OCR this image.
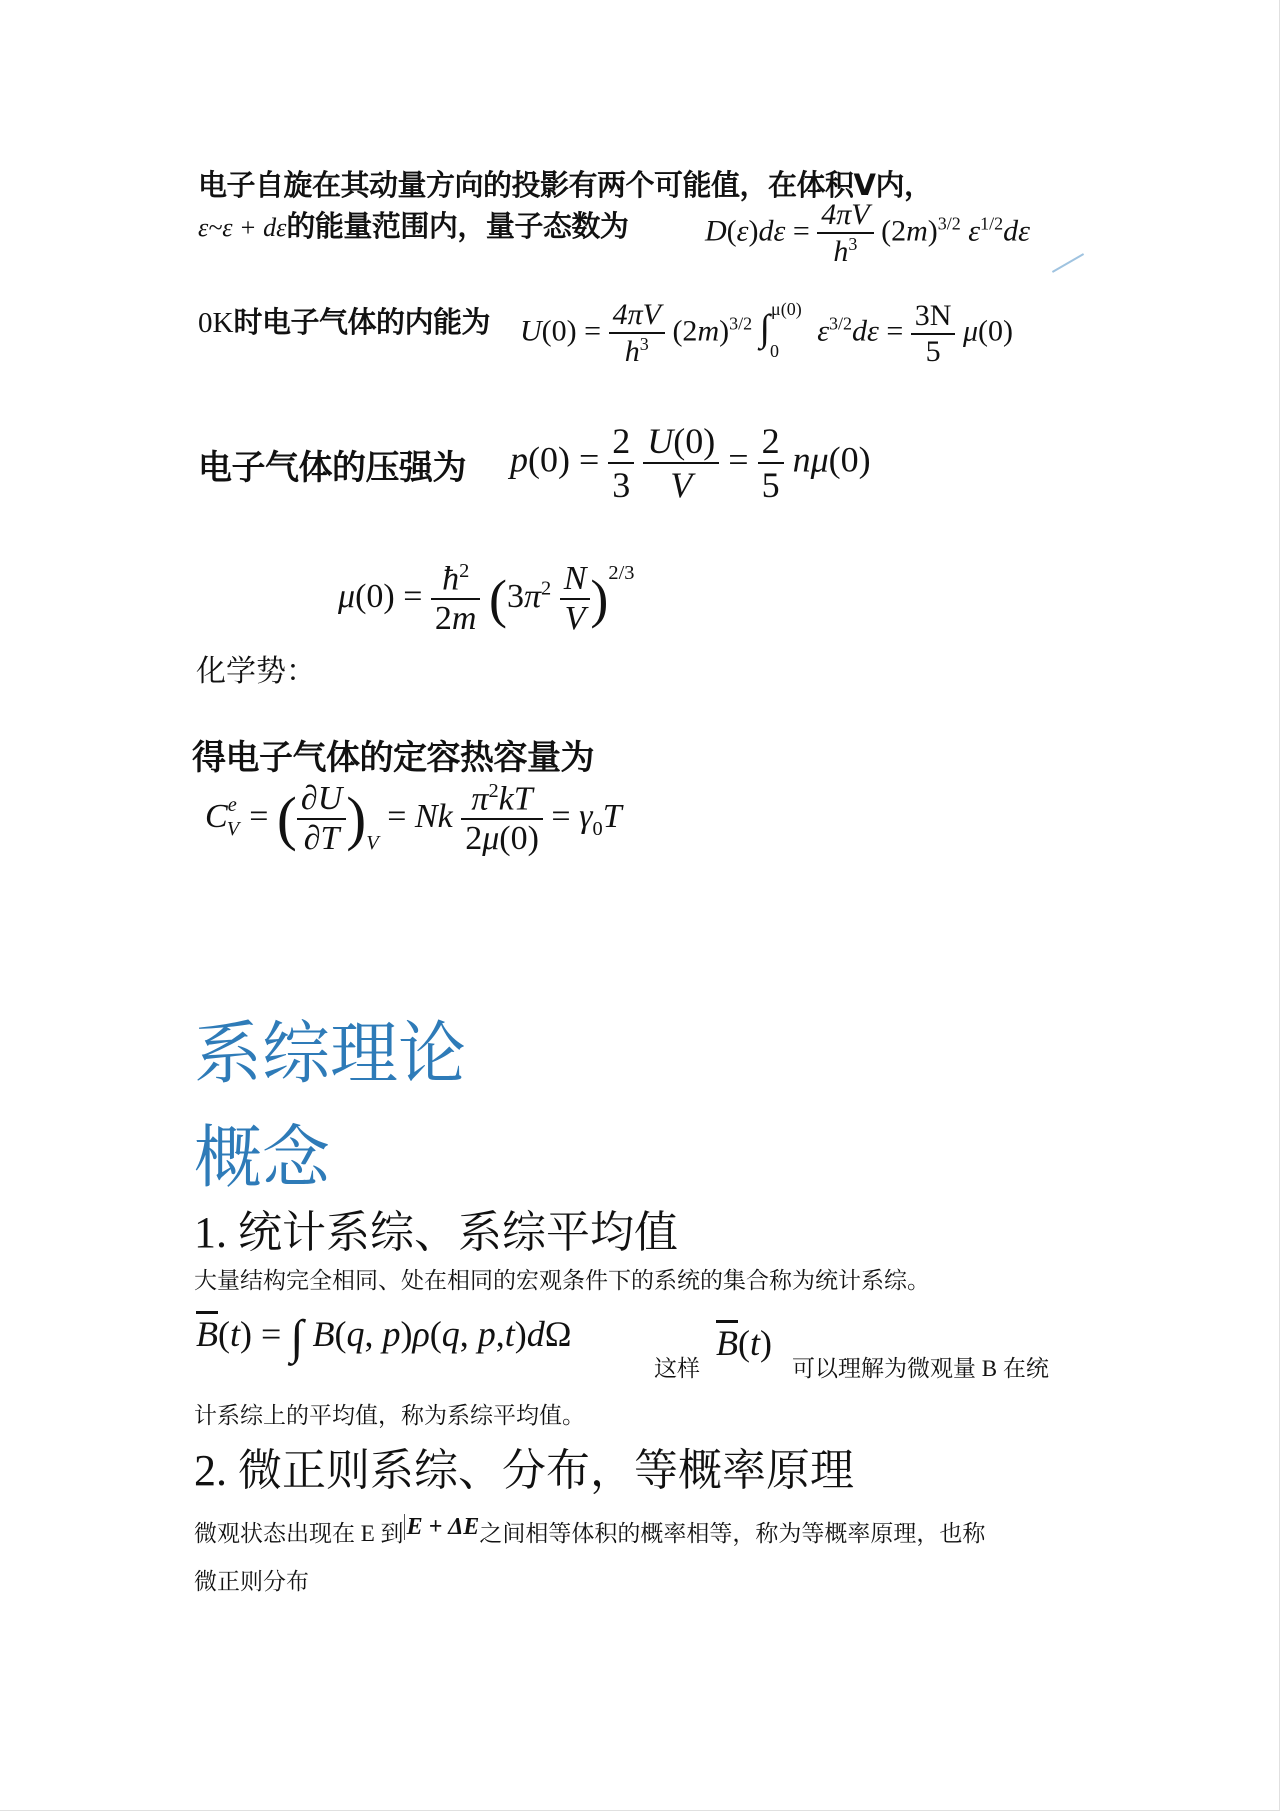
电子自旋在其动量方向的投影有两个可能值，在体积V内，
ε~ε + dε的能量范围内，量子态数为	$D(\varepsilon)d\varepsilon = \frac{4\pi V}{h^3} (2m)^{3/2}$ $\varepsilon^{1/2}d\varepsilon$
0K时电子气体的内能为 $U(0) = \frac{4\pi V}{h^3} (2m)^{3/2}$ $\int_0^{\mu(0)}$ $\varepsilon^{3/2}d\varepsilon = \frac{3N}{5} \mu(0)$
电子气体的压强为 $p(0) = \frac{2}{3}$
$\frac{U(0)}{V} = \frac{2}{5} n\mu(0)$
$\mu(0) = \frac{ħ^2}{2m} (3\pi^2 \frac{N}{V} )^{2/3}$
化学势：
得电子气体的定容热容量为
$C^e_V$ = ( $\frac{\partial U}{\partial T} )_V = Nk \frac{\pi^2kT}{2\mu(0)} = \gamma_0T$
系综理论
概念
1. 统计系综、系综平均值
大量结构完全相同、处在相同的宏观条件下的系统的集合称为统计系综。
$\overline{B}(t)$ = ∫ B(q, p)ρ(q, p,t)dΩ
这样
$\overline{B}(t)$
可以理解为微观量 B 在统
计系综上的平均值，称为系综平均值。
2. 微正则系综、分布，等概率原理
微观状态出现在 E 到 E + ΔE之间相等体积的概率相等，称为等概率原理，也称
微正则分布
